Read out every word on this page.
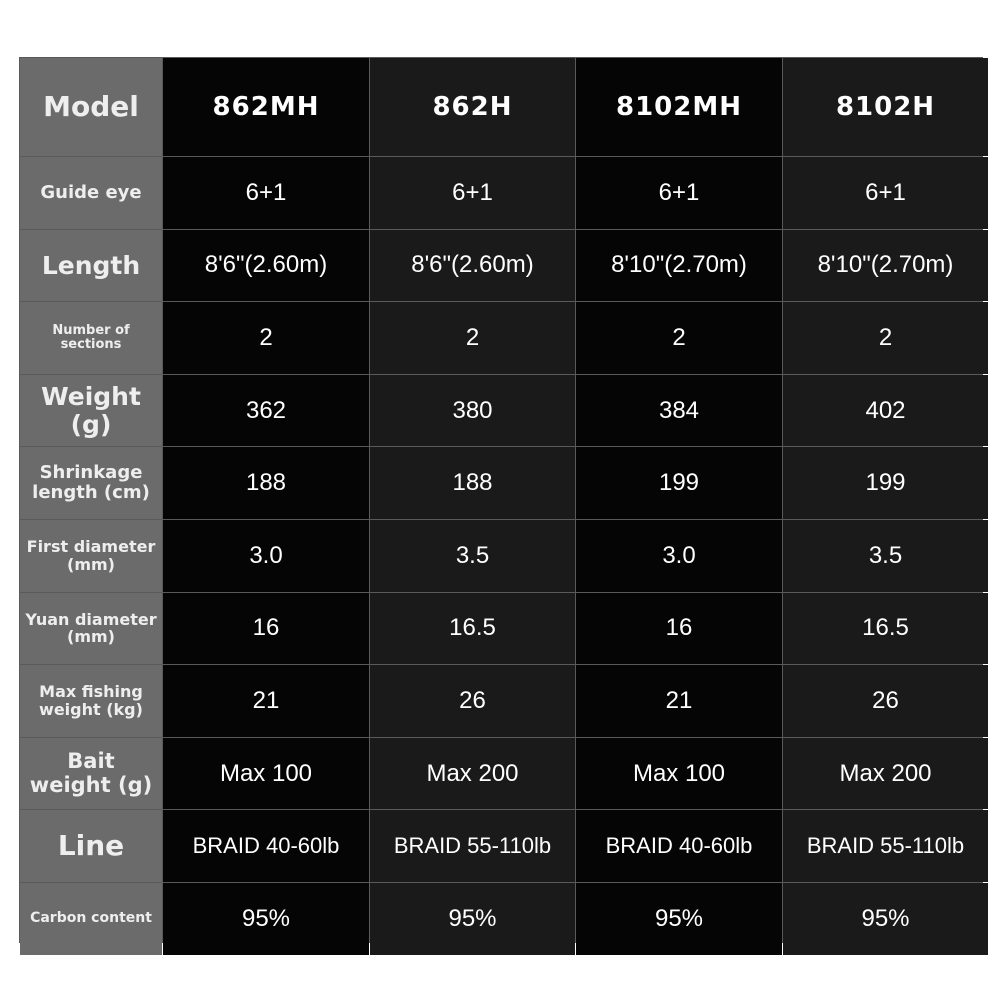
Model	862MH	862H	8102MH	8102H
Guide eye	6+1	6+1	6+1	6+1
Length	8'6"(2.60m)	8'6"(2.60m)	8'10"(2.70m)	8'10"(2.70m)
Number of sections	2	2	2	2
Weight (g)	362	380	384	402
Shrinkage length (cm)	188	188	199	199
First diameter (mm)	3.0	3.5	3.0	3.5
Yuan diameter (mm)	16	16.5	16	16.5
Max fishing weight (kg)	21	26	21	26
Bait weight (g)	Max 100	Max 200	Max 100	Max 200
Line	BRAID 40-60lb	BRAID 55-110lb	BRAID 40-60lb	BRAID 55-110lb
Carbon content	95%	95%	95%	95%
